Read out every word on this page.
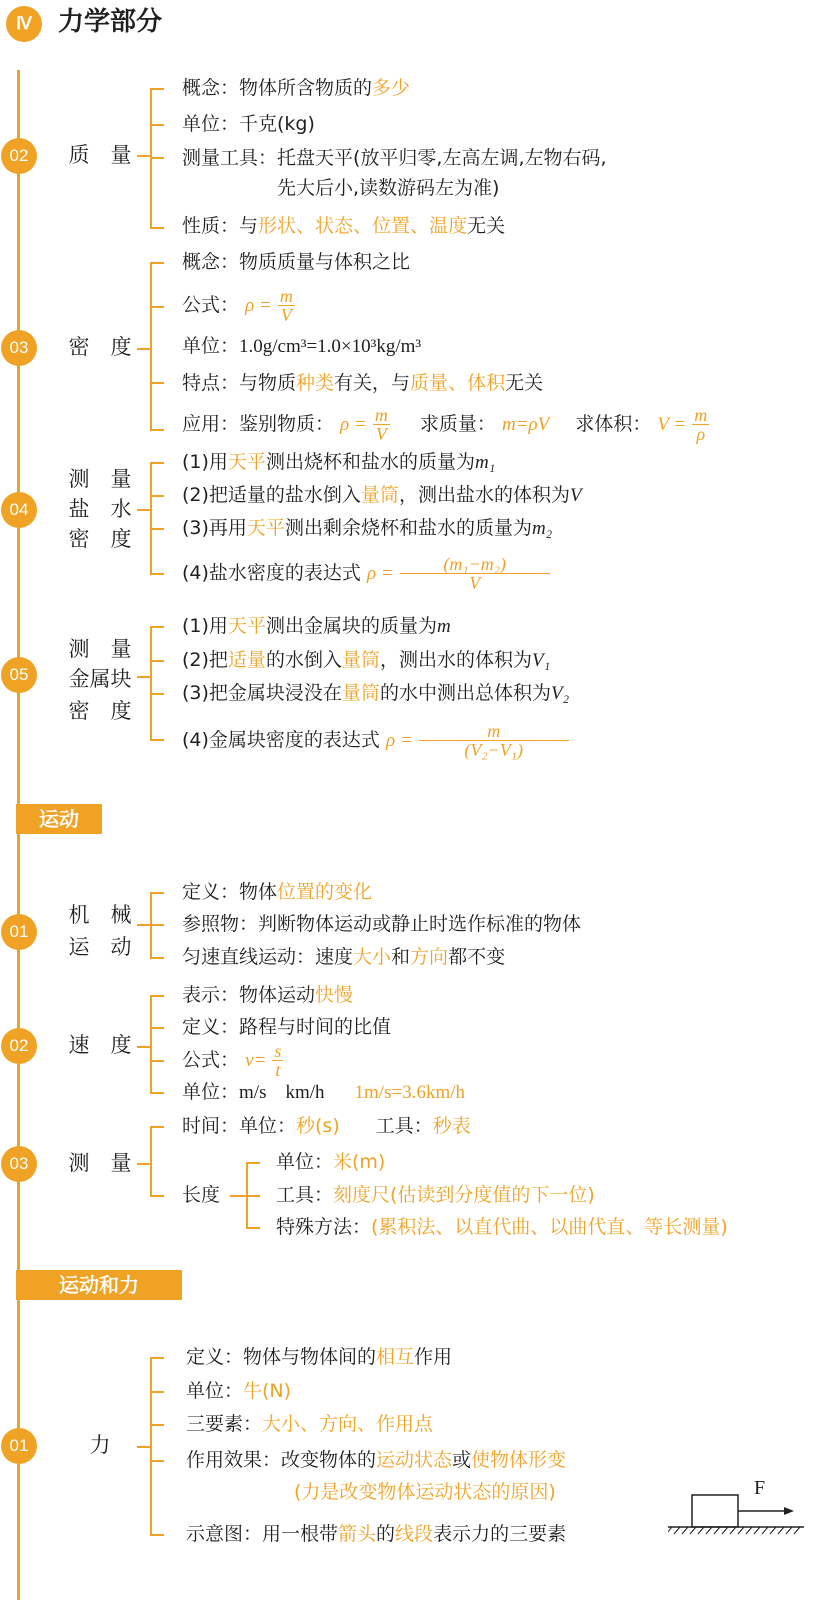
Ⅳ	力学部分
02	质　量
概念：物体所含物质的多少
单位：千克(kg)
测量工具：托盘天平(放平归零,左高左调,左物右码,
先大后小,读数游码左为准)
性质：与形状、状态、位置、温度无关
03	密　度
概念：物质质量与体积之比
公式： $\rho = \frac{m}{V}$
单位：1.0g/cm³=1.0×10³kg/m³
特点：与物质种类有关，与质量、体积无关
应用：鉴别物质： $\rho = \frac{m}{V}$ 求质量： m=ρV 求体积： $V = \frac{m}{\rho}$
04
测　量
盐　水
密　度
(1)用天平测出烧杯和盐水的质量为m₁
(2)把适量的盐水倒入量筒，测出盐水的体积为V
(3)再用天平测出剩余烧杯和盐水的质量为m₂
(4)盐水密度的表达式 $\rho = \frac{\text{(m₁−m₂)}}{V}$
05
测　量
金属块
密　度
(1)用天平测出金属块的质量为m
(2)把适量的水倒入量筒，测出水的体积为V₁
(3)把金属块浸没在量筒的水中测出总体积为V₂
(4)金属块密度的表达式 $\rho = \frac{m}{\text{(V₂−V₁)}}$
运动
01
机　械
运　动
定义：物体位置的变化
参照物：判断物体运动或静止时选作标准的物体
匀速直线运动：速度大小和方向都不变
02	速　度
表示：物体运动快慢
定义：路程与时间的比值
公式： $v= \frac{s}{t}$
单位：m/s　km/h 1m/s=3.6km/h
03	测　量
时间：单位：秒(s) 工具：秒表
长度
单位：米(m)
工具：刻度尺(估读到分度值的下一位)
特殊方法：(累积法、以直代曲、以曲代直、等长测量)
运动和力
01	力
定义：物体与物体间的相互作用
单位：牛(N)
三要素：大小、方向、作用点
作用效果：改变物体的运动状态或使物体形变
(力是改变物体运动状态的原因)
示意图：用一根带箭头的线段表示力的三要素
F
